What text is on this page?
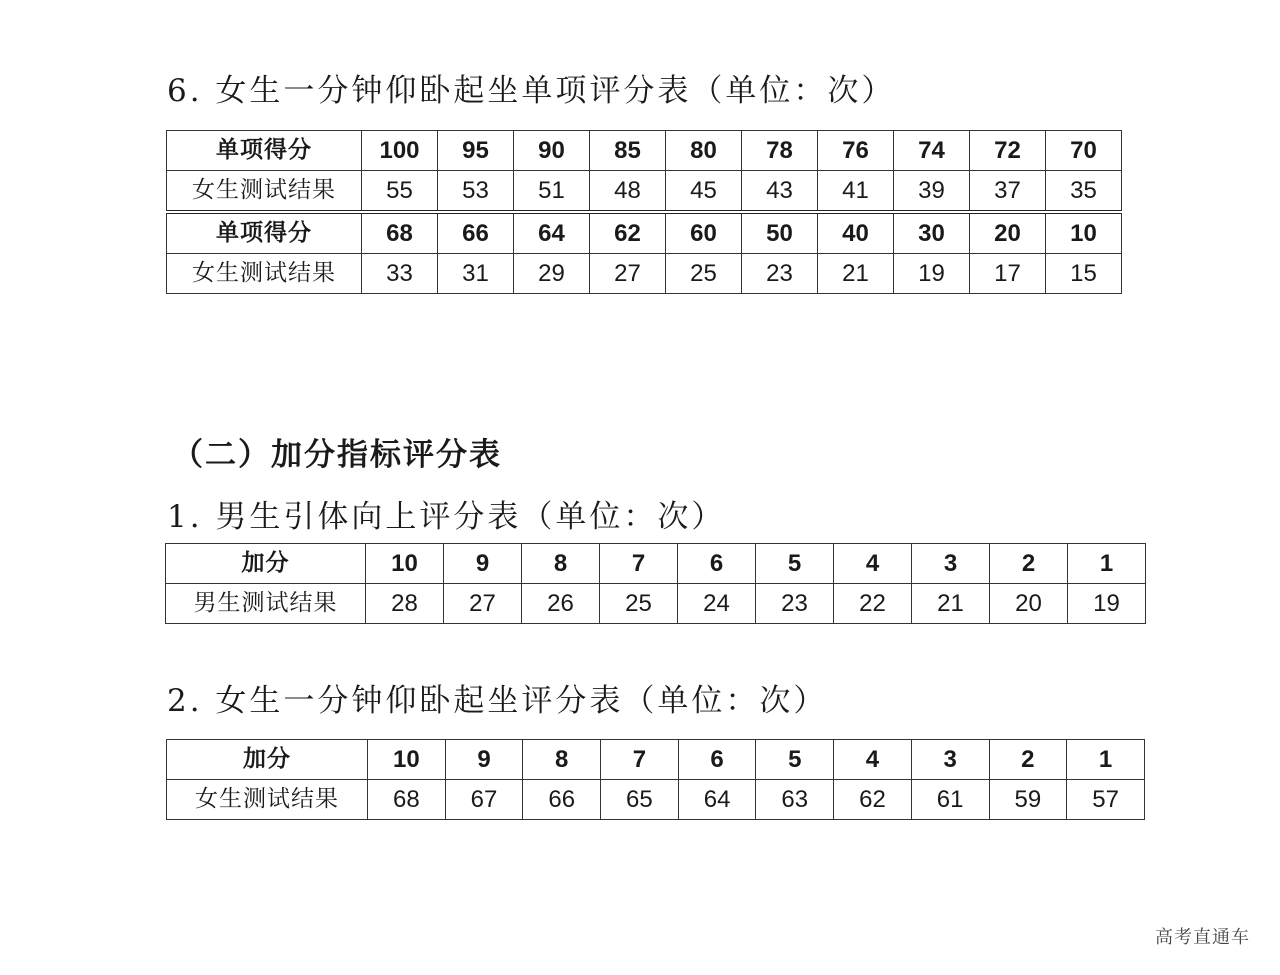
6. 女生一分钟仰卧起坐单项评分表（单位：次）
单项得分	100	95	90	85	80	78	76	74	72	70
女生测试结果	55	53	51	48	45	43	41	39	37	35
单项得分	68	66	64	62	60	50	40	30	20	10
女生测试结果	33	31	29	27	25	23	21	19	17	15
（二）加分指标评分表
1. 男生引体向上评分表（单位：次）
加分	10	9	8	7	6	5	4	3	2	1
男生测试结果	28	27	26	25	24	23	22	21	20	19
2. 女生一分钟仰卧起坐评分表（单位：次）
加分	10	9	8	7	6	5	4	3	2	1
女生测试结果	68	67	66	65	64	63	62	61	59	57
高考直通车
